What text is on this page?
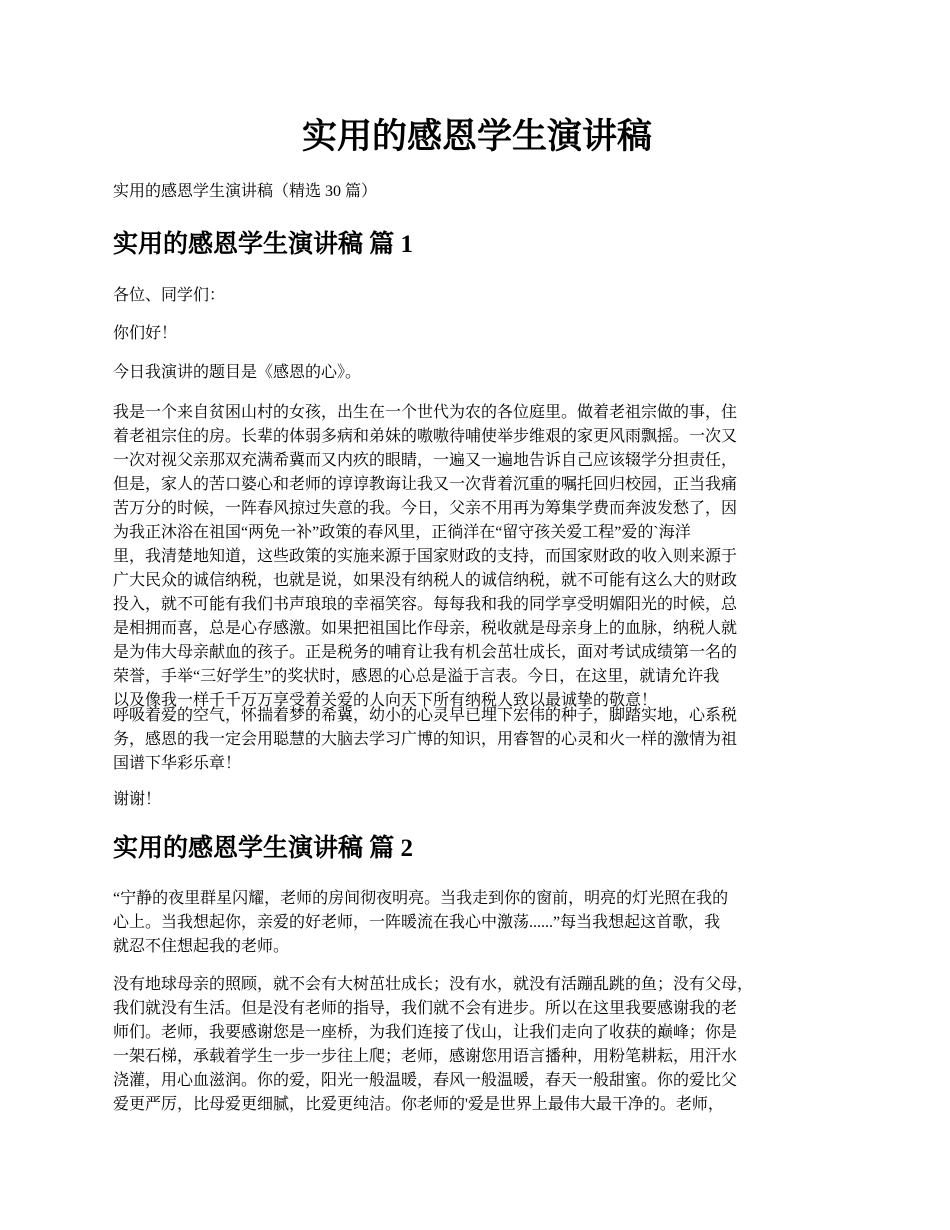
实用的感恩学生演讲稿

实用的感恩学生演讲稿（精选 30 篇）

实用的感恩学生演讲稿 篇 1

各位、同学们：

你们好！

今日我演讲的题目是《感恩的心》。

我是一个来自贫困山村的女孩，出生在一个世代为农的各位庭里。做着老祖宗做的事，住
着老祖宗住的房。长辈的体弱多病和弟妹的嗷嗷待哺使举步维艰的家更风雨飘摇。一次又
一次对视父亲那双充满希冀而又内疚的眼睛，一遍又一遍地告诉自己应该辍学分担责任，
但是，家人的苦口婆心和老师的谆谆教诲让我又一次背着沉重的嘱托回归校园，正当我痛
苦万分的时候，一阵春风掠过失意的我。今日，父亲不用再为筹集学费而奔波发愁了，因
为我正沐浴在祖国“两免一补”政策的春风里，正徜洋在“留守孩关爱工程”爱的`海洋
里，我清楚地知道，这些政策的实施来源于国家财政的支持，而国家财政的收入则来源于
广大民众的诚信纳税，也就是说，如果没有纳税人的诚信纳税，就不可能有这么大的财政
投入，就不可能有我们书声琅琅的幸福笑容。每每我和我的同学享受明媚阳光的时候，总
是相拥而喜，总是心存感激。如果把祖国比作母亲，税收就是母亲身上的血脉，纳税人就
是为伟大母亲献血的孩子。正是税务的哺育让我有机会茁壮成长，面对考试成绩第一名的
荣誉，手举“三好学生”的奖状时，感恩的心总是溢于言表。今日，在这里，就请允许我
以及像我一样千千万万享受着关爱的人向天下所有纳税人致以最诚挚的敬意！

呼吸着爱的空气，怀揣着梦的希冀，幼小的心灵早已埋下宏伟的种子，脚踏实地，心系税
务，感恩的我一定会用聪慧的大脑去学习广博的知识，用睿智的心灵和火一样的激情为祖
国谱下华彩乐章！

谢谢！

实用的感恩学生演讲稿 篇 2

“宁静的夜里群星闪耀，老师的房间彻夜明亮。当我走到你的窗前，明亮的灯光照在我的
心上。当我想起你，亲爱的好老师，一阵暖流在我心中激荡......”每当我想起这首歌，我
就忍不住想起我的老师。

没有地球母亲的照顾，就不会有大树茁壮成长；没有水，就没有活蹦乱跳的鱼；没有父母，
我们就没有生活。但是没有老师的指导，我们就不会有进步。所以在这里我要感谢我的老
师们。老师，我要感谢您是一座桥，为我们连接了伐山，让我们走向了收获的巅峰；你是
一架石梯，承载着学生一步一步往上爬；老师，感谢您用语言播种，用粉笔耕耘，用汗水
浇灌，用心血滋润。你的爱，阳光一般温暖，春风一般温暖，春天一般甜蜜。你的爱比父
爱更严厉，比母爱更细腻，比爱更纯洁。你老师的'爱是世界上最伟大最干净的。老师，
